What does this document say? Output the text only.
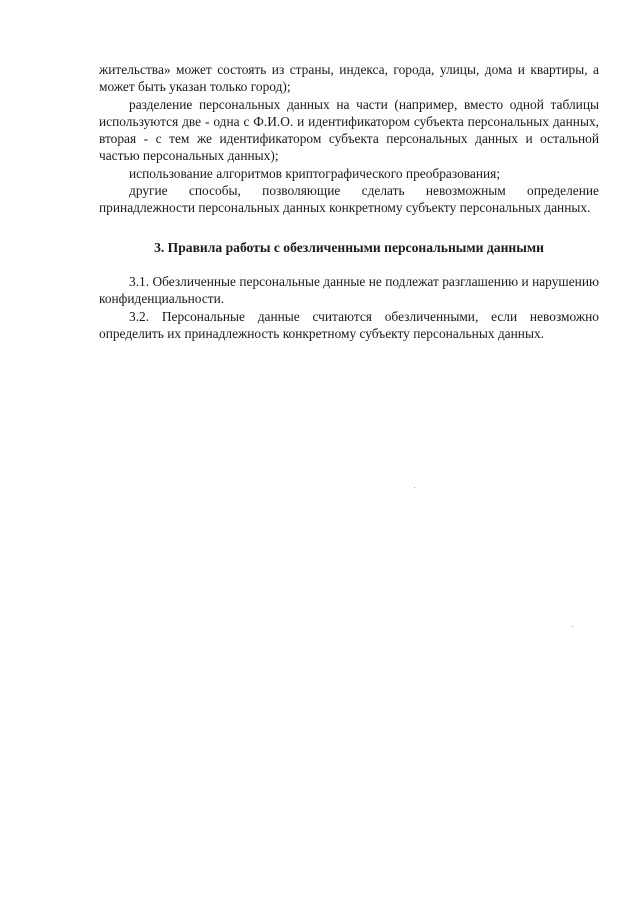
жительства» может состоять из страны, индекса, города, улицы, дома и квартиры, а может быть указан только город);

разделение персональных данных на части (например, вместо одной таблицы используются две - одна с Ф.И.О. и идентификатором субъекта персональных данных, вторая - с тем же идентификатором субъекта персональных данных и остальной частью персональных данных);

использование алгоритмов криптографического преобразования;

другие способы, позволяющие сделать невозможным определение принадлежности персональных данных конкретному субъекту персональных данных.

3. Правила работы с обезличенными персональными данными

3.1. Обезличенные персональные данные не подлежат разглашению и нарушению конфиденциальности.

3.2. Персональные данные считаются обезличенными, если невозможно определить их принадлежность конкретному субъекту персональных данных.
